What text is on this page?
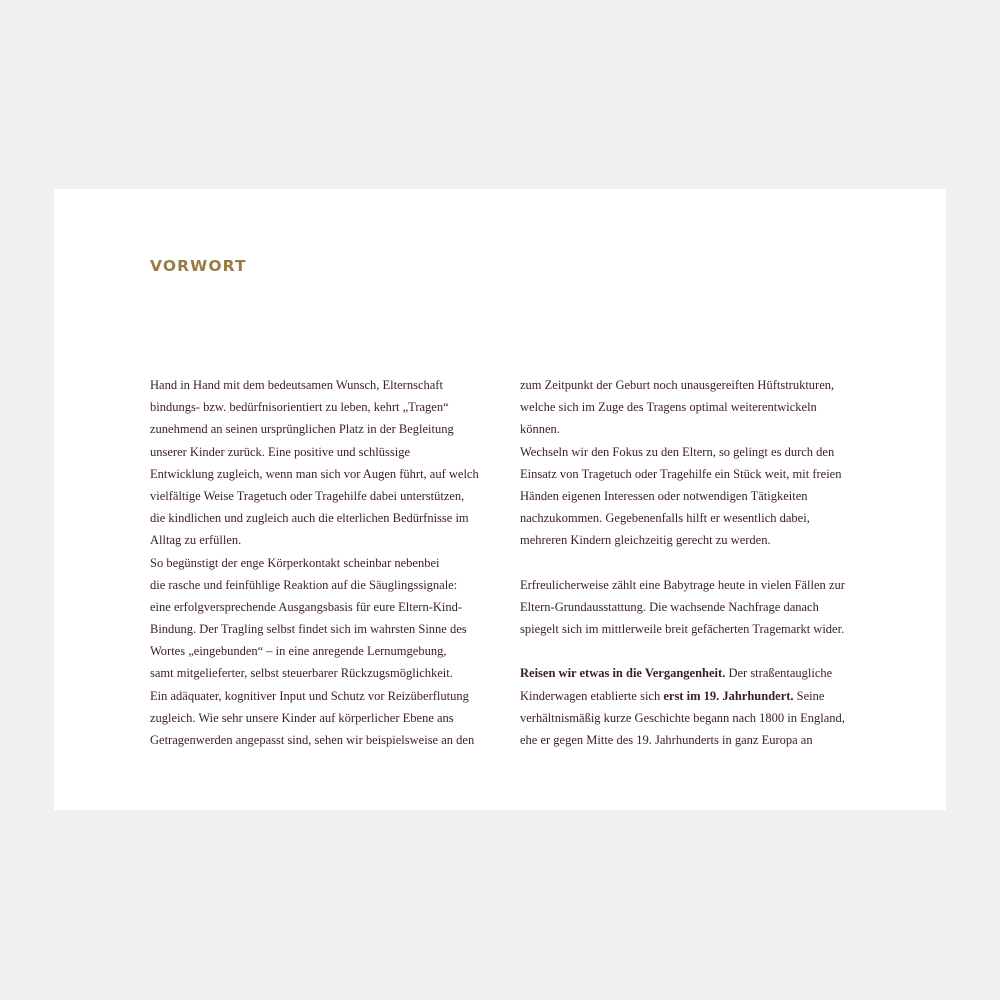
VORWORT
Hand in Hand mit dem bedeutsamen Wunsch, Elternschaft
bindungs- bzw. bedürfnisorientiert zu leben, kehrt „Tragen“
zunehmend an seinen ursprünglichen Platz in der Begleitung
unserer Kinder zurück. Eine positive und schlüssige
Entwicklung zugleich, wenn man sich vor Augen führt, auf welch
vielfältige Weise Tragetuch oder Tragehilfe dabei unterstützen,
die kindlichen und zugleich auch die elterlichen Bedürfnisse im
Alltag zu erfüllen.
So begünstigt der enge Körperkontakt scheinbar nebenbei
die rasche und feinfühlige Reaktion auf die Säuglingssignale:
eine erfolgversprechende Ausgangsbasis für eure Eltern-Kind-
Bindung. Der Tragling selbst findet sich im wahrsten Sinne des
Wortes „eingebunden“ – in eine anregende Lernumgebung,
samt mitgelieferter, selbst steuerbarer Rückzugsmöglichkeit.
Ein adäquater, kognitiver Input und Schutz vor Reizüberflutung
zugleich. Wie sehr unsere Kinder auf körperlicher Ebene ans
Getragenwerden angepasst sind, sehen wir beispielsweise an den
zum Zeitpunkt der Geburt noch unausgereiften Hüftstrukturen,
welche sich im Zuge des Tragens optimal weiterentwickeln
können.
Wechseln wir den Fokus zu den Eltern, so gelingt es durch den
Einsatz von Tragetuch oder Tragehilfe ein Stück weit, mit freien
Händen eigenen Interessen oder notwendigen Tätigkeiten
nachzukommen. Gegebenenfalls hilft er wesentlich dabei,
mehreren Kindern gleichzeitig gerecht zu werden.
Erfreulicherweise zählt eine Babytrage heute in vielen Fällen zur
Eltern-Grundausstattung. Die wachsende Nachfrage danach
spiegelt sich im mittlerweile breit gefächerten Tragemarkt wider.
Reisen wir etwas in die Vergangenheit. Der straßentaugliche
Kinderwagen etablierte sich erst im 19. Jahrhundert. Seine
verhältnismäßig kurze Geschichte begann nach 1800 in England,
ehe er gegen Mitte des 19. Jahrhunderts in ganz Europa an
